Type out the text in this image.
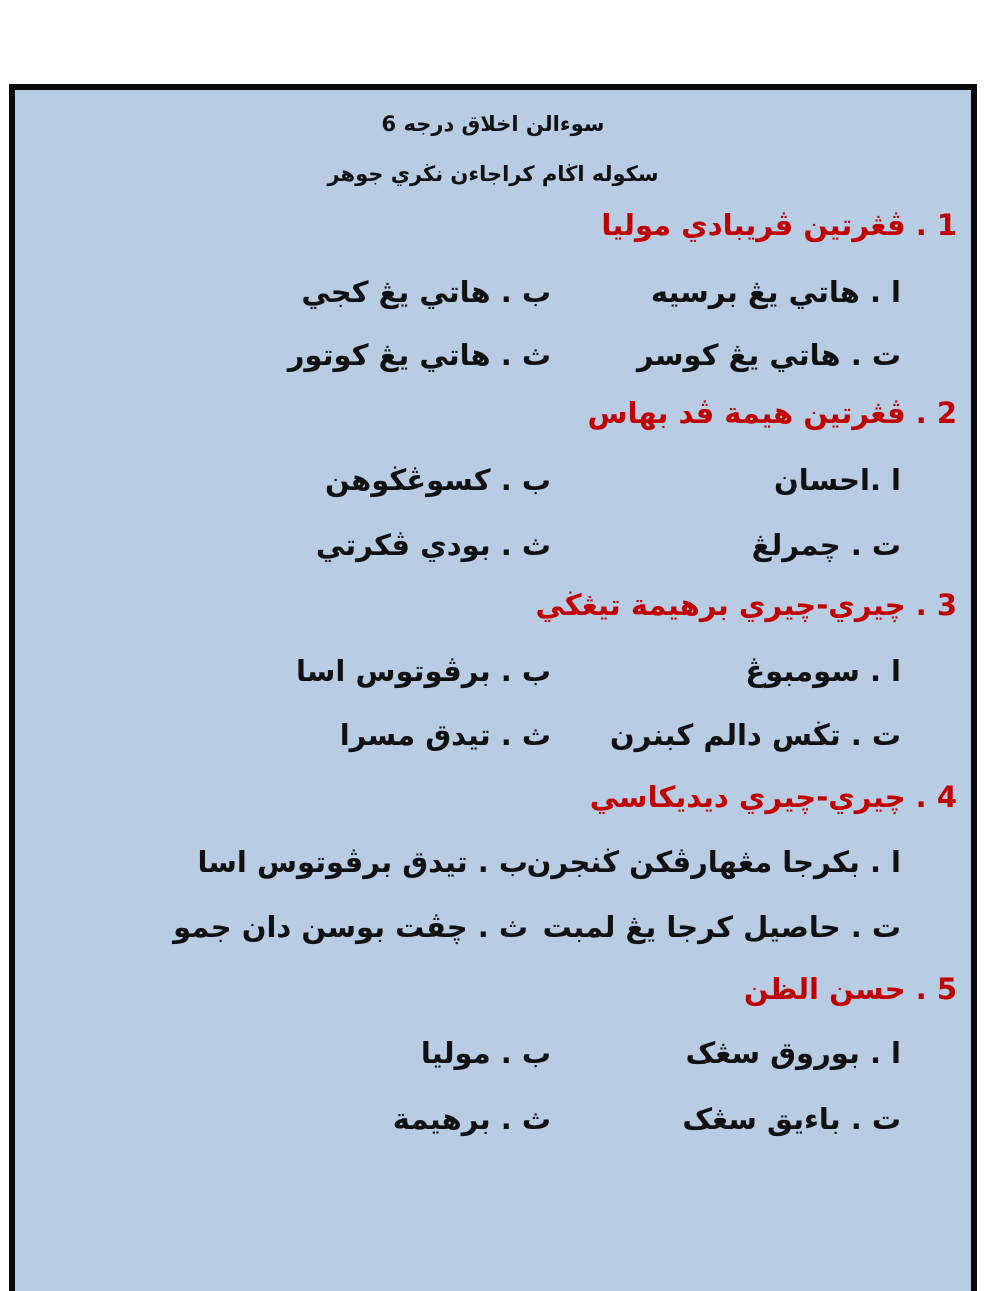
سوءالن اخلاق درجه 6
سکوله اڬام کراجاءن نڬري جوهر
1 . ڤڠرتين ڤريبادي موليا
ا . هاتي يڠ برسيه
ب . هاتي يڠ کجي
ت . هاتي يڠ کوسر
ث . هاتي يڠ کوتور
2 . ڤڠرتين هيمة ڤد بهاس
ا .احسان
ب . کسوڠڬوهن
ت . چمرلڠ
ث . بودي ڤکرتي
3 . چيري-چيري برهيمة تيڠڬي
ا . سومبوڠ
ب . برڤوتوس اسا
ت . تڬس دالم کبنرن
ث . تيدق مسرا
4 . چيري-چيري ديديکاسي
ا . بکرجا مڠهارڤکن ڬنجرن
ب . تيدق برڤوتوس اسا
ت . حاصيل کرجا يڠ لمبت
ث . چڤت بوسن دان جمو
5 . حسن الظن
ا . بوروق سڠک
ب . موليا
ت . باءيق سڠک
ث . برهيمة
